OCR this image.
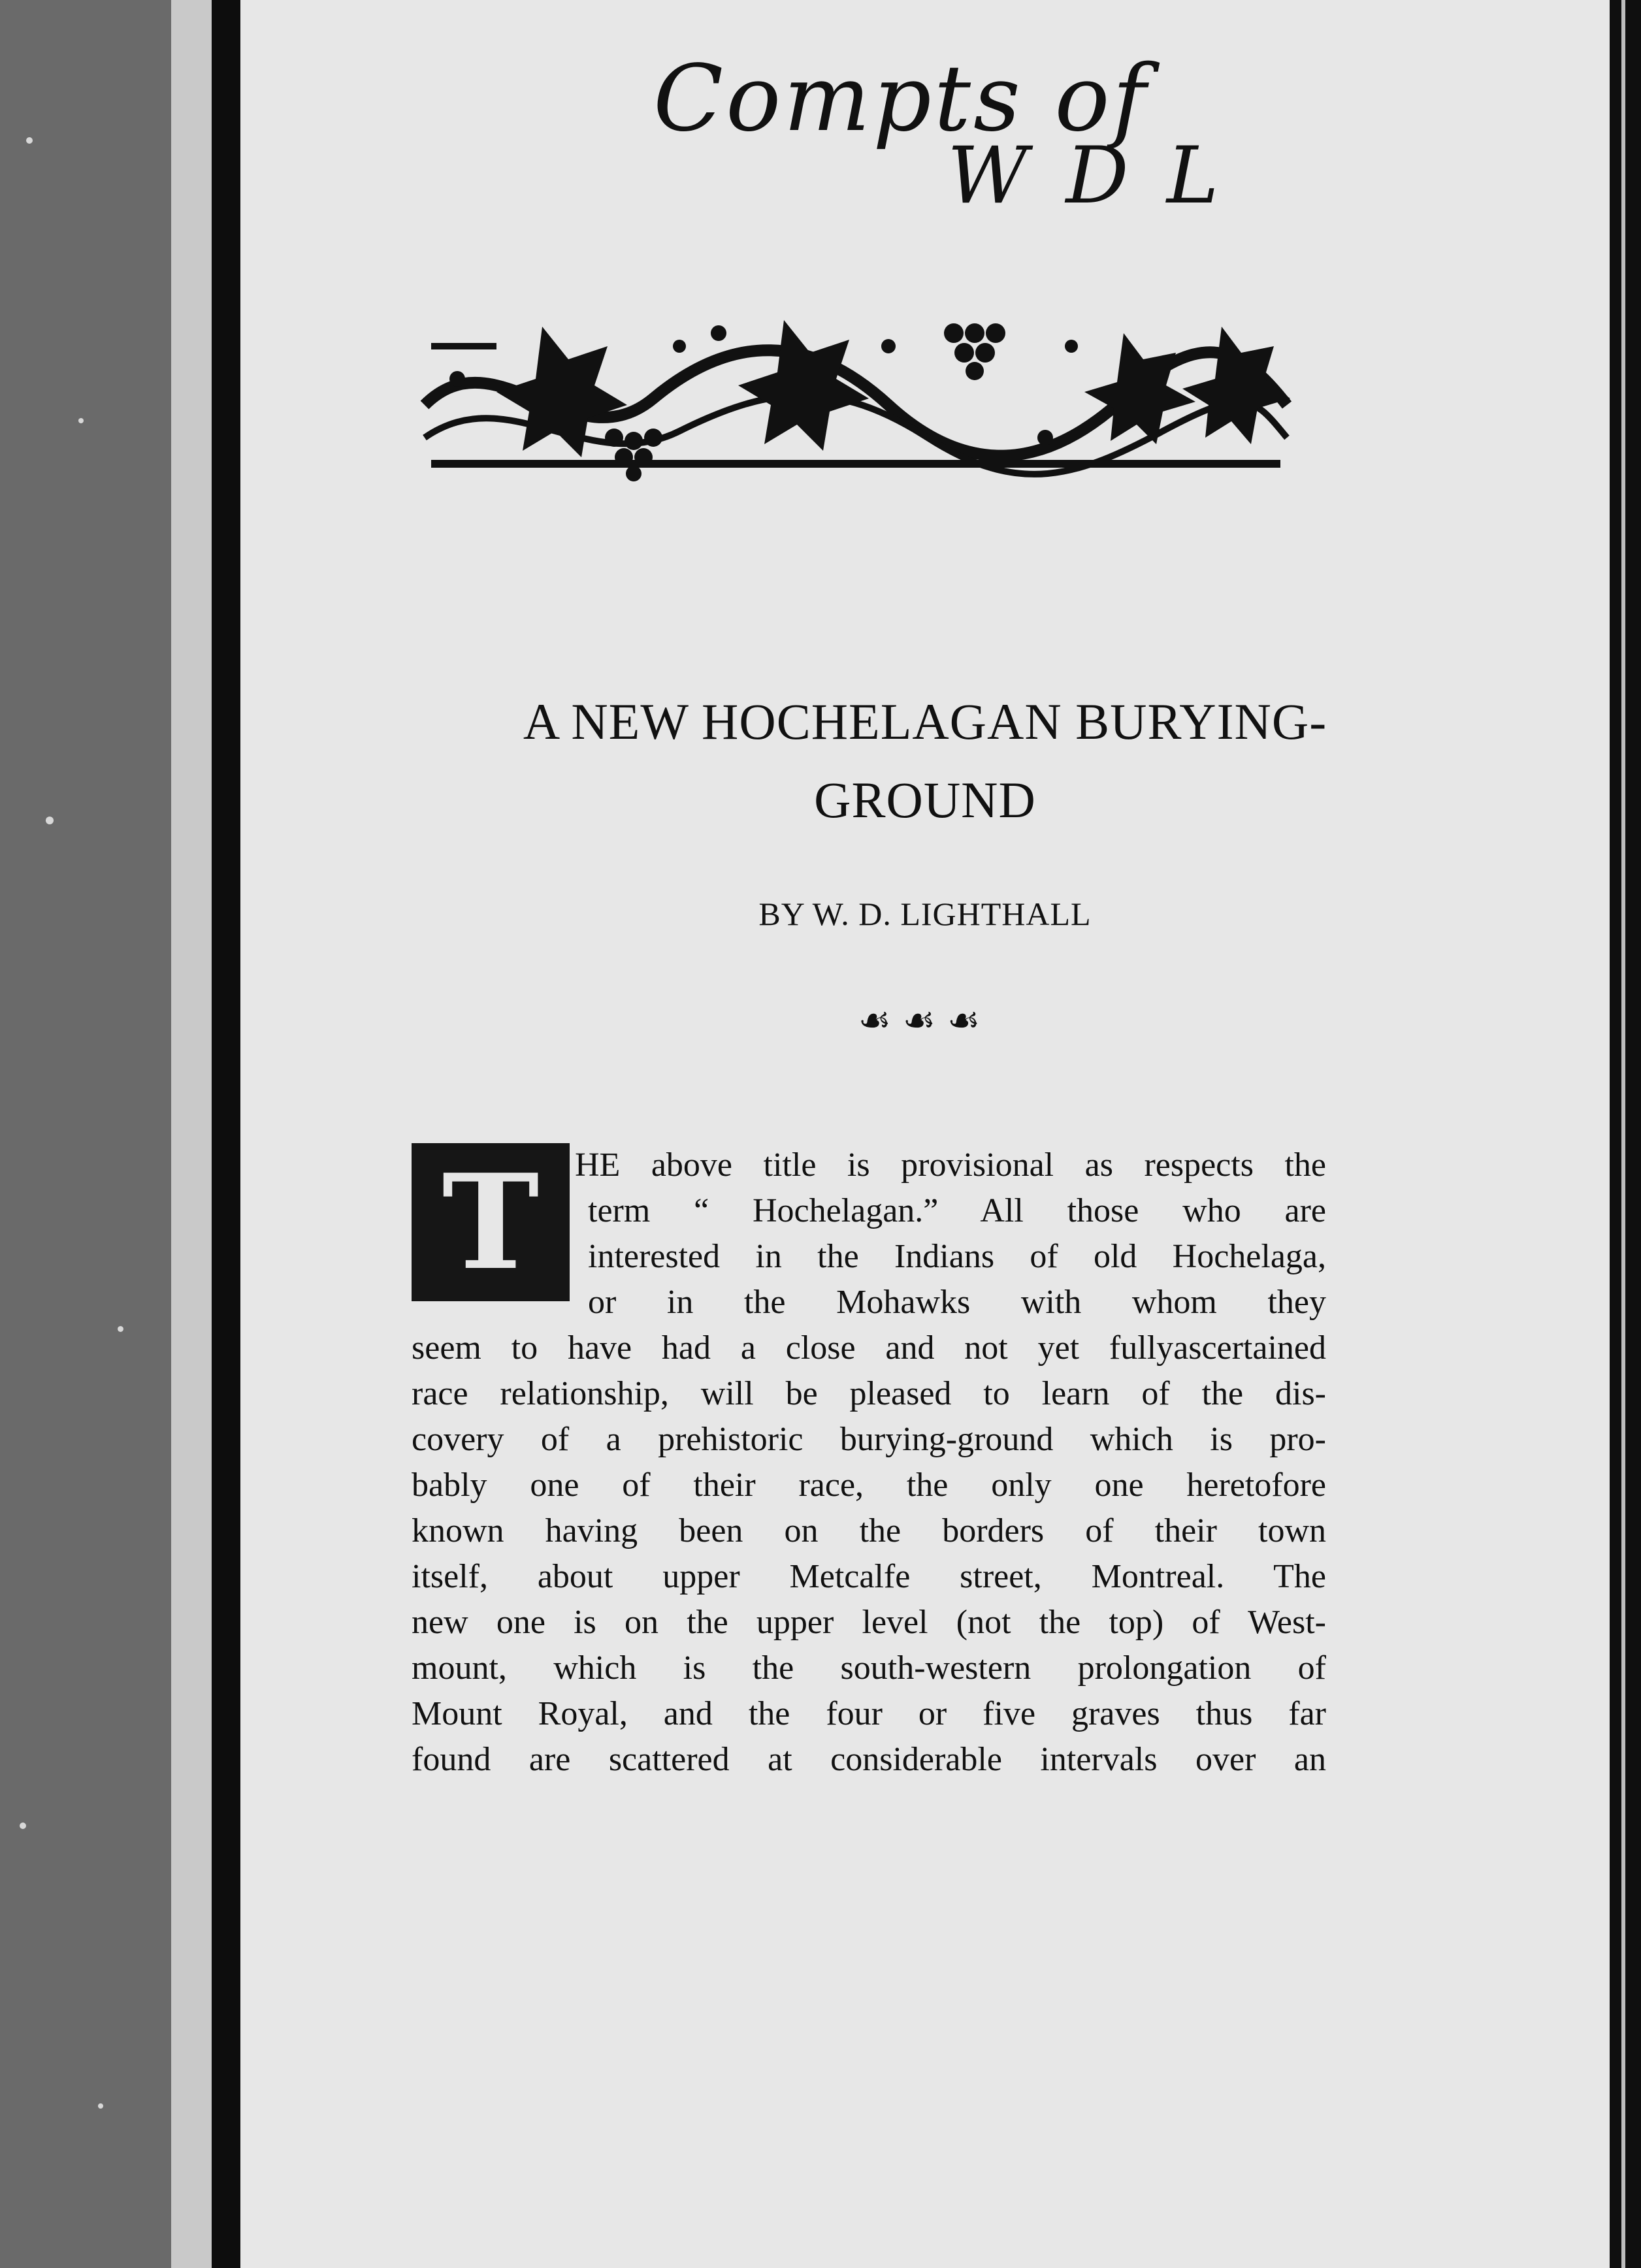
Compts of
W D L
A NEW HOCHELAGAN BURYING-
GROUND
BY W. D. LIGHTHALL
☙☙☙
T	HE above title is provisional as respects the
term “ Hochelagan.” All those who are
interested in the Indians of old Hochelaga,
or in the Mohawks with whom they
seem to have had a close and not yet fullyascertained
race relationship, will be pleased to learn of the dis-
covery of a prehistoric burying-ground which is pro-
bably one of their race, the only one heretofore
known having been on the borders of their town
itself, about upper Metcalfe street, Montreal. The
new one is on the upper level (not the top) of West-
mount, which is the south-western prolongation of
Mount Royal, and the four or five graves thus far
found are scattered at considerable intervals over an
